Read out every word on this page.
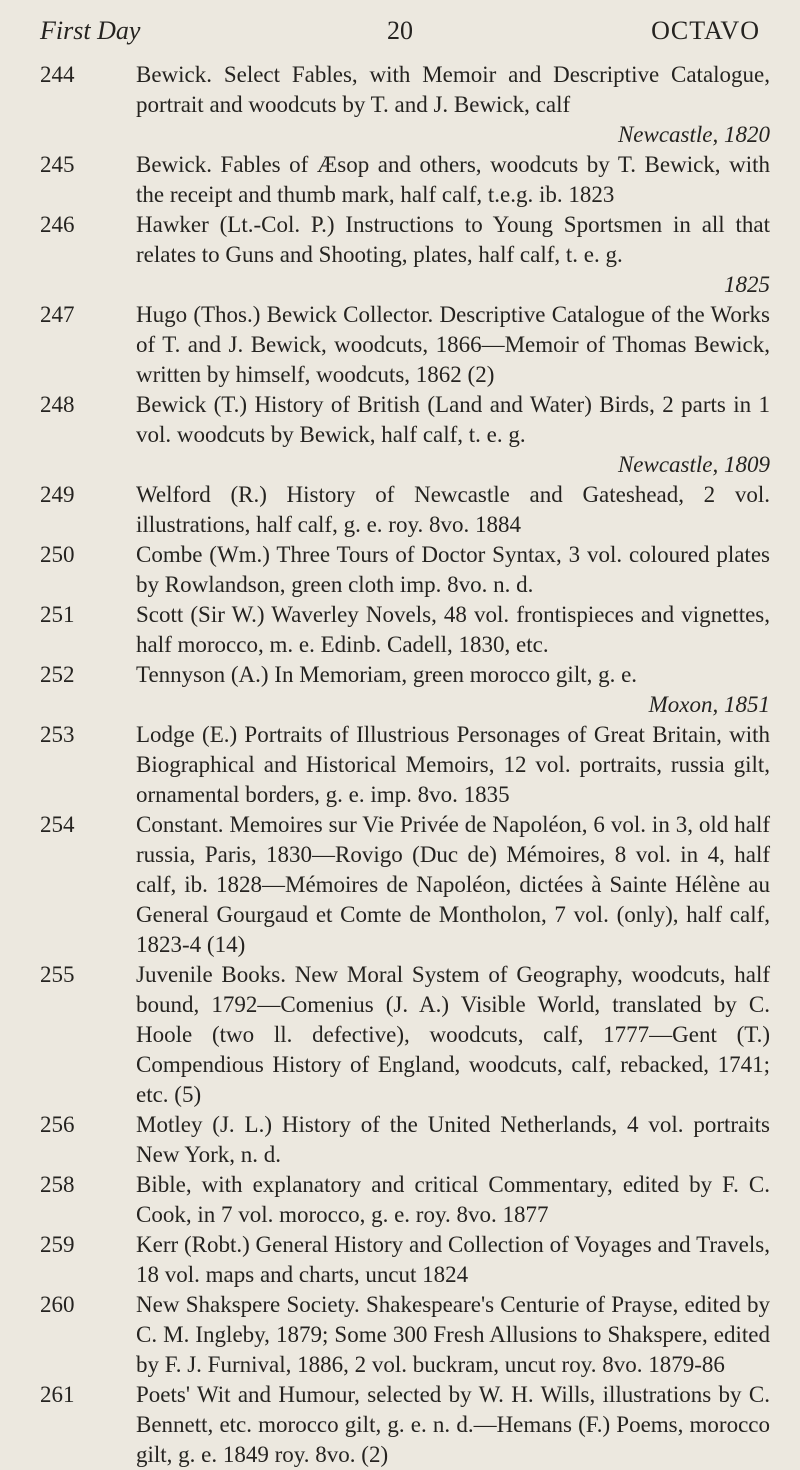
First Day	20	OCTAVO
244	Bewick. Select Fables, with Memoir and Descriptive Catalogue, portrait and woodcuts by T. and J. Bewick, calf
Newcastle, 1820
245	Bewick. Fables of Æsop and others, woodcuts by T. Bewick, with the receipt and thumb mark, half calf, t.e.g. ib. 1823
246	Hawker (Lt.-Col. P.) Instructions to Young Sportsmen in all that relates to Guns and Shooting, plates, half calf, t. e. g.
1825
247	Hugo (Thos.) Bewick Collector. Descriptive Catalogue of the Works of T. and J. Bewick, woodcuts, 1866—Memoir of Thomas Bewick, written by himself, woodcuts, 1862 (2)
248	Bewick (T.) History of British (Land and Water) Birds, 2 parts in 1 vol. woodcuts by Bewick, half calf, t. e. g.
Newcastle, 1809
249	Welford (R.) History of Newcastle and Gateshead, 2 vol. illustrations, half calf, g. e. roy. 8vo. 1884
250	Combe (Wm.) Three Tours of Doctor Syntax, 3 vol. coloured plates by Rowlandson, green cloth imp. 8vo. n. d.
251	Scott (Sir W.) Waverley Novels, 48 vol. frontispieces and vignettes, half morocco, m. e. Edinb. Cadell, 1830, etc.
252	Tennyson (A.) In Memoriam, green morocco gilt, g. e.
Moxon, 1851
253	Lodge (E.) Portraits of Illustrious Personages of Great Britain, with Biographical and Historical Memoirs, 12 vol. portraits, russia gilt, ornamental borders, g. e. imp. 8vo. 1835
254	Constant. Memoires sur Vie Privée de Napoléon, 6 vol. in 3, old half russia, Paris, 1830—Rovigo (Duc de) Mémoires, 8 vol. in 4, half calf, ib. 1828—Mémoires de Napoléon, dictées à Sainte Hélène au General Gourgaud et Comte de Montholon, 7 vol. (only), half calf, 1823-4 (14)
255	Juvenile Books. New Moral System of Geography, woodcuts, half bound, 1792—Comenius (J. A.) Visible World, translated by C. Hoole (two ll. defective), woodcuts, calf, 1777—Gent (T.) Compendious History of England, woodcuts, calf, rebacked, 1741; etc. (5)
256	Motley (J. L.) History of the United Netherlands, 4 vol. portraits New York, n. d.
258	Bible, with explanatory and critical Commentary, edited by F. C. Cook, in 7 vol. morocco, g. e. roy. 8vo. 1877
259	Kerr (Robt.) General History and Collection of Voyages and Travels, 18 vol. maps and charts, uncut 1824
260	New Shakspere Society. Shakespeare's Centurie of Prayse, edited by C. M. Ingleby, 1879; Some 300 Fresh Allusions to Shakspere, edited by F. J. Furnival, 1886, 2 vol. buckram, uncut roy. 8vo. 1879-86
261	Poets' Wit and Humour, selected by W. H. Wills, illustrations by C. Bennett, etc. morocco gilt, g. e. n. d.—Hemans (F.) Poems, morocco gilt, g. e. 1849 roy. 8vo. (2)
